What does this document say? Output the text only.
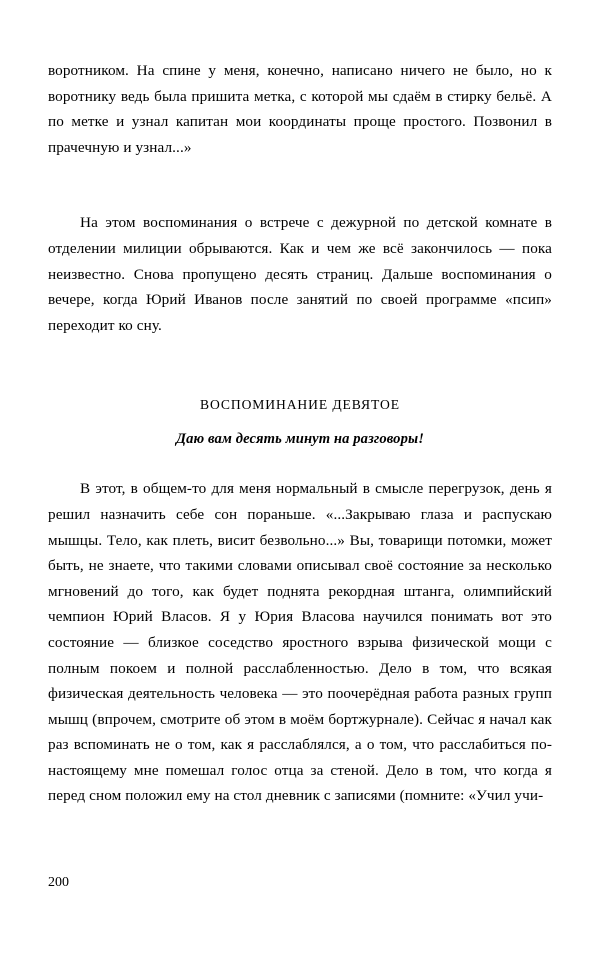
воротником. На спине у меня, конечно, написано ничего не было, но к воротнику ведь была пришита метка, с которой мы сдаём в стирку бельё. А по метке и узнал капитан мои координаты проще простого. Позвонил в прачечную и узнал...»

На этом воспоминания о встрече с дежурной по детской комнате в отделении милиции обрываются. Как и чем же всё закончилось — пока неизвестно. Снова пропущено десять страниц. Дальше воспоминания о вечере, когда Юрий Иванов после занятий по своей программе «псип» переходит ко сну.

ВОСПОМИНАНИЕ ДЕВЯТОЕ

Даю вам десять минут на разговоры!

В этот, в общем-то для меня нормальный в смысле перегрузок, день я решил назначить себе сон пораньше. «...Закрываю глаза и распускаю мышцы. Тело, как плеть, висит безвольно...» Вы, товарищи потомки, может быть, не знаете, что такими словами описывал своё состояние за несколько мгновений до того, как будет поднята рекордная штанга, олимпийский чемпион Юрий Власов. Я у Юрия Власова научился понимать вот это состояние — близкое соседство яростного взрыва физической мощи с полным покоем и полной расслабленностью. Дело в том, что всякая физическая деятельность человека — это поочерёдная работа разных групп мышц (впрочем, смотрите об этом в моём бортжурнале). Сейчас я начал как раз вспоминать не о том, как я расслаблялся, а о том, что расслабиться по-настоящему мне помешал голос отца за стеной. Дело в том, что когда я перед сном положил ему на стол дневник с записями (помните: «Учил учи-

200
